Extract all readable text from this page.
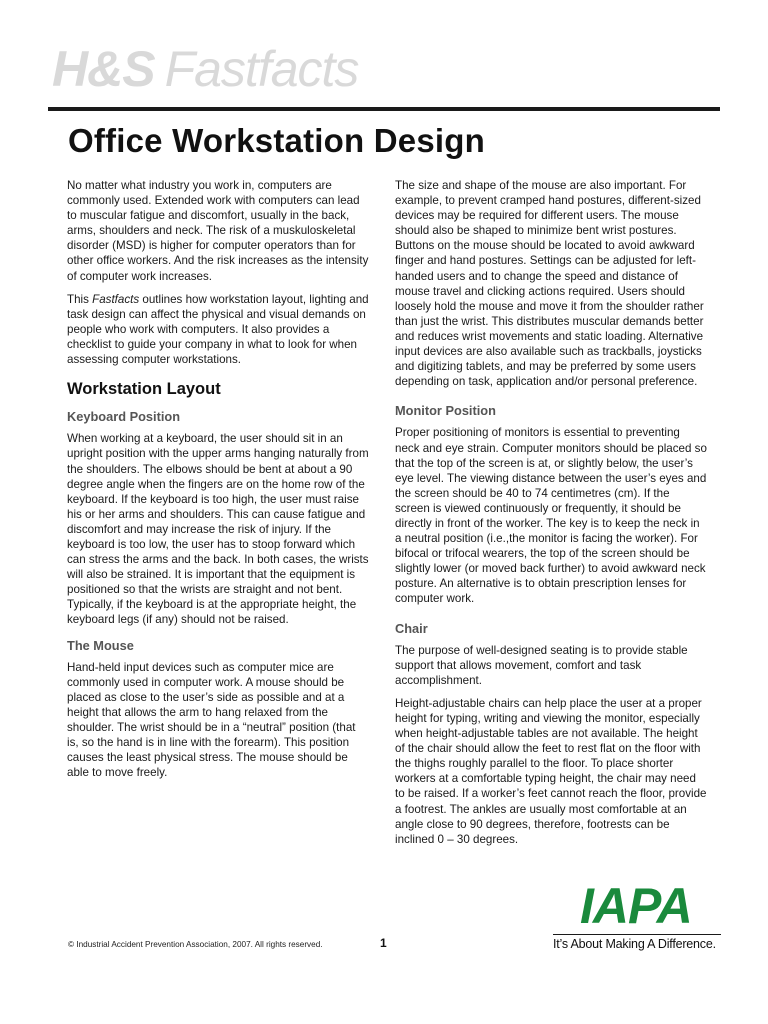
H&S Fastfacts
Office Workstation Design

No matter what industry you work in, computers are commonly used. Extended work with computers can lead to muscular fatigue and discomfort, usually in the back, arms, shoulders and neck. The risk of a muskuloskeletal disorder (MSD) is higher for computer operators than for other office workers. And the risk increases as the intensity of computer work increases.

This Fastfacts outlines how workstation layout, lighting and task design can affect the physical and visual demands on people who work with computers. It also provides a checklist to guide your company in what to look for when assessing computer workstations.

Workstation Layout
Keyboard Position

When working at a keyboard, the user should sit in an upright position with the upper arms hanging naturally from the shoulders. The elbows should be bent at about a 90 degree angle when the fingers are on the home row of the keyboard. If the keyboard is too high, the user must raise his or her arms and shoulders. This can cause fatigue and discomfort and may increase the risk of injury. If the keyboard is too low, the user has to stoop forward which can stress the arms and the back. In both cases, the wrists will also be strained. It is important that the equipment is positioned so that the wrists are straight and not bent. Typically, if the keyboard is at the appropriate height, the keyboard legs (if any) should not be raised.

The Mouse

Hand-held input devices such as computer mice are commonly used in computer work. A mouse should be placed as close to the user’s side as possible and at a height that allows the arm to hang relaxed from the shoulder. The wrist should be in a “neutral” position (that is, so the hand is in line with the forearm). This position causes the least physical stress. The mouse should be able to move freely.

The size and shape of the mouse are also important. For example, to prevent cramped hand postures, different-sized devices may be required for different users. The mouse should also be shaped to minimize bent wrist postures. Buttons on the mouse should be located to avoid awkward finger and hand postures. Settings can be adjusted for left-handed users and to change the speed and distance of mouse travel and clicking actions required. Users should loosely hold the mouse and move it from the shoulder rather than just the wrist. This distributes muscular demands better and reduces wrist movements and static loading. Alternative input devices are also available such as trackballs, joysticks and digitizing tablets, and may be preferred by some users depending on task, application and/or personal preference.

Monitor Position

Proper positioning of monitors is essential to preventing neck and eye strain. Computer monitors should be placed so that the top of the screen is at, or slightly below, the user’s eye level. The viewing distance between the user’s eyes and the screen should be 40 to 74 centimetres (cm). If the screen is viewed continuously or frequently, it should be directly in front of the worker. The key is to keep the neck in a neutral position (i.e.,the monitor is facing the worker). For bifocal or trifocal wearers, the top of the screen should be slightly lower (or moved back further) to avoid awkward neck posture. An alternative is to obtain prescription lenses for computer work.

Chair

The purpose of well-designed seating is to provide stable support that allows movement, comfort and task accomplishment.

Height-adjustable chairs can help place the user at a proper height for typing, writing and viewing the monitor, especially when height-adjustable tables are not available. The height of the chair should allow the feet to rest flat on the floor with the thighs roughly parallel to the floor. To place shorter workers at a comfortable typing height, the chair may need to be raised. If a worker’s feet cannot reach the floor, provide a footrest. The ankles are usually most comfortable at an angle close to 90 degrees, therefore, footrests can be inclined 0 – 30 degrees.

© Industrial Accident Prevention Association, 2007. All rights reserved.	1
IAPA
It’s About Making A Difference.
